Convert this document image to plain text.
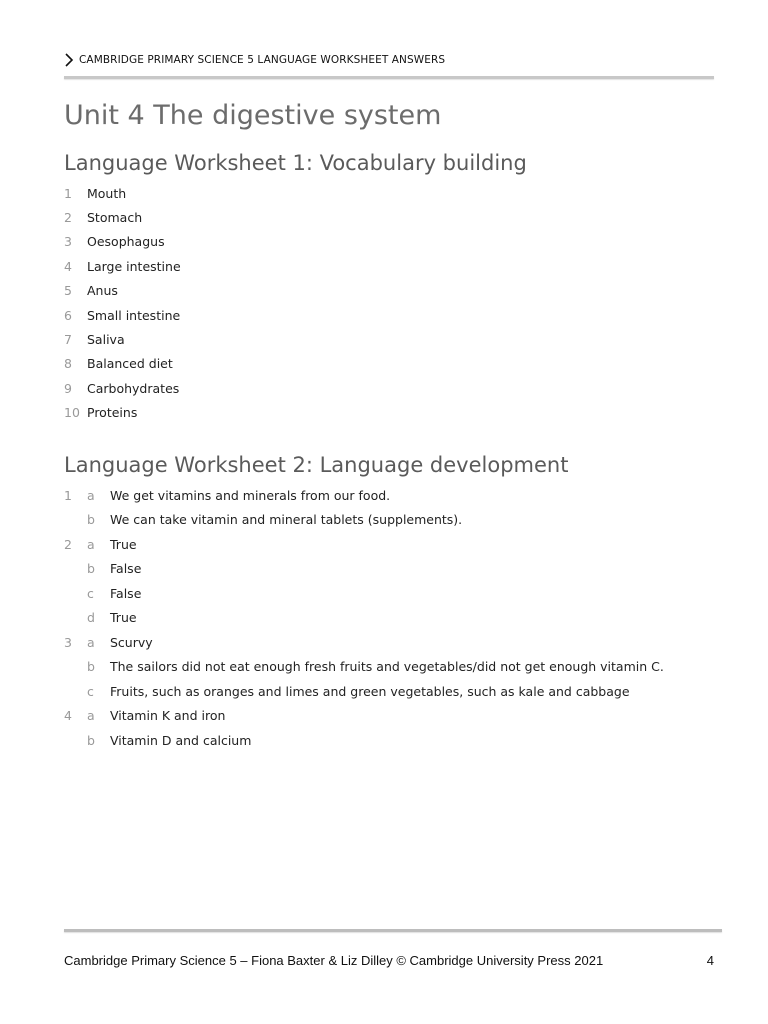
CAMBRIDGE PRIMARY SCIENCE 5 LANGUAGE WORKSHEET ANSWERS
Unit 4 The digestive system
Language Worksheet 1: Vocabulary building
1	Mouth
2	Stomach
3	Oesophagus
4	Large intestine
5	Anus
6	Small intestine
7	Saliva
8	Balanced diet
9	Carbohydrates
10 Proteins
Language Worksheet 2: Language development
1	a	We get vitamins and minerals from our food.
b	We can take vitamin and mineral tablets (supplements).
2	a	True
b	False
c	False
d	True
3	a	Scurvy
b	The sailors did not eat enough fresh fruits and vegetables/did not get enough vitamin C.
c	Fruits, such as oranges and limes and green vegetables, such as kale and cabbage
4	a	Vitamin K and iron
b	Vitamin D and calcium
Cambridge Primary Science 5 – Fiona Baxter & Liz Dilley © Cambridge University Press 2021	4
